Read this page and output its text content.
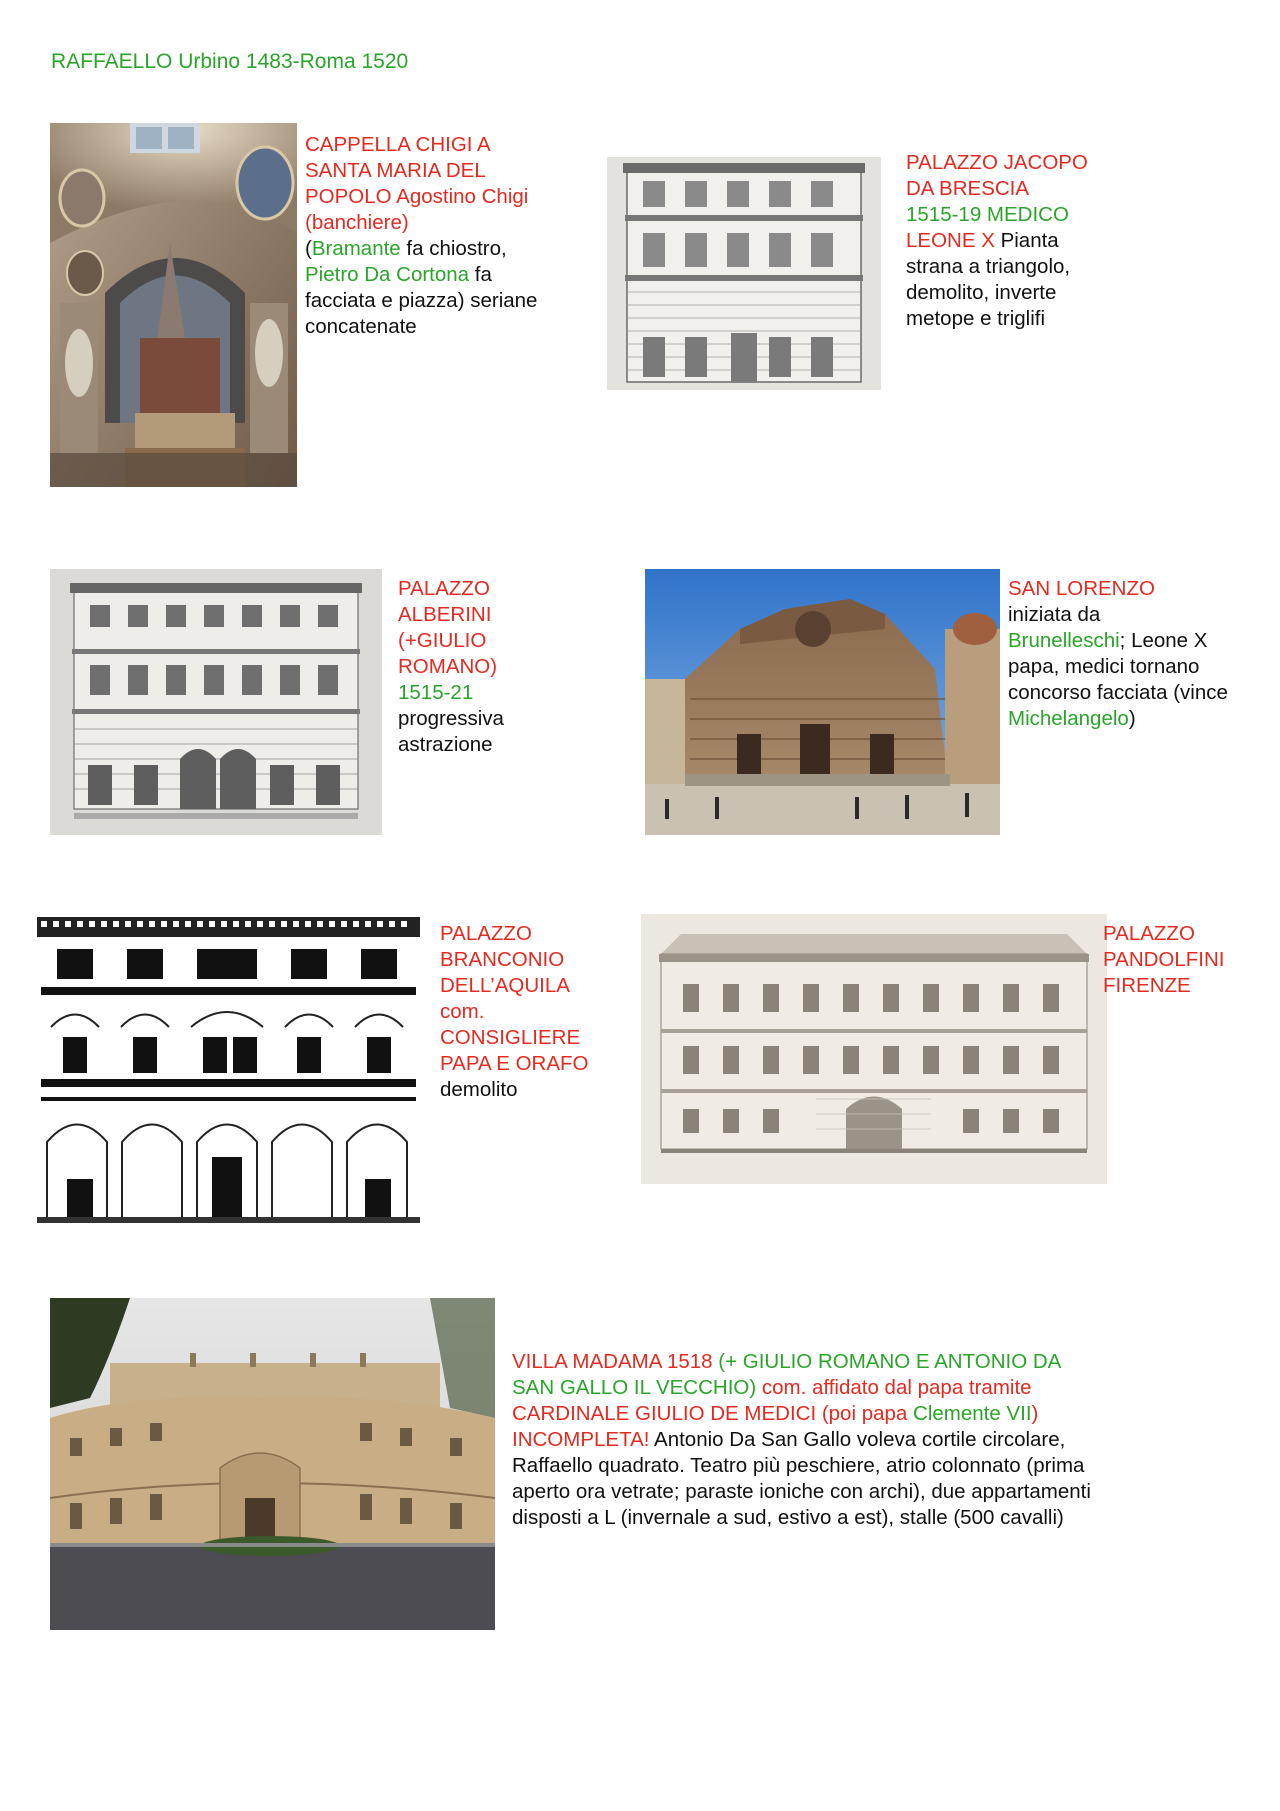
RAFFAELLO Urbino 1483-Roma 1520
CAPPELLA CHIGI A SANTA MARIA DEL POPOLO Agostino Chigi (banchiere)
(Bramante fa chiostro, Pietro Da Cortona fa facciata e piazza) seriane concatenate
PALAZZO JACOPO DA BRESCIA
1515-19 MEDICO
LEONE X Pianta strana a triangolo, demolito, inverte metope e triglifi
PALAZZO ALBERINI
(+GIULIO ROMANO)
1515-21
progressiva astrazione
SAN LORENZO
iniziata da
Brunelleschi; Leone X papa, medici tornano concorso facciata (vince Michelangelo)
PALAZZO BRANCONIO DELL’AQUILA com. CONSIGLIERE PAPA E ORAFO
demolito
PALAZZO PANDOLFINI FIRENZE
VILLA MADAMA 1518 (+ GIULIO ROMANO E ANTONIO DA SAN GALLO IL VECCHIO) com. affidato dal papa tramite CARDINALE GIULIO DE MEDICI (poi papa Clemente VII) INCOMPLETA! Antonio Da San Gallo voleva cortile circolare, Raffaello quadrato. Teatro più peschiere, atrio colonnato (prima aperto ora vetrate; paraste ioniche con archi), due appartamenti disposti a L (invernale a sud, estivo a est), stalle (500 cavalli)
